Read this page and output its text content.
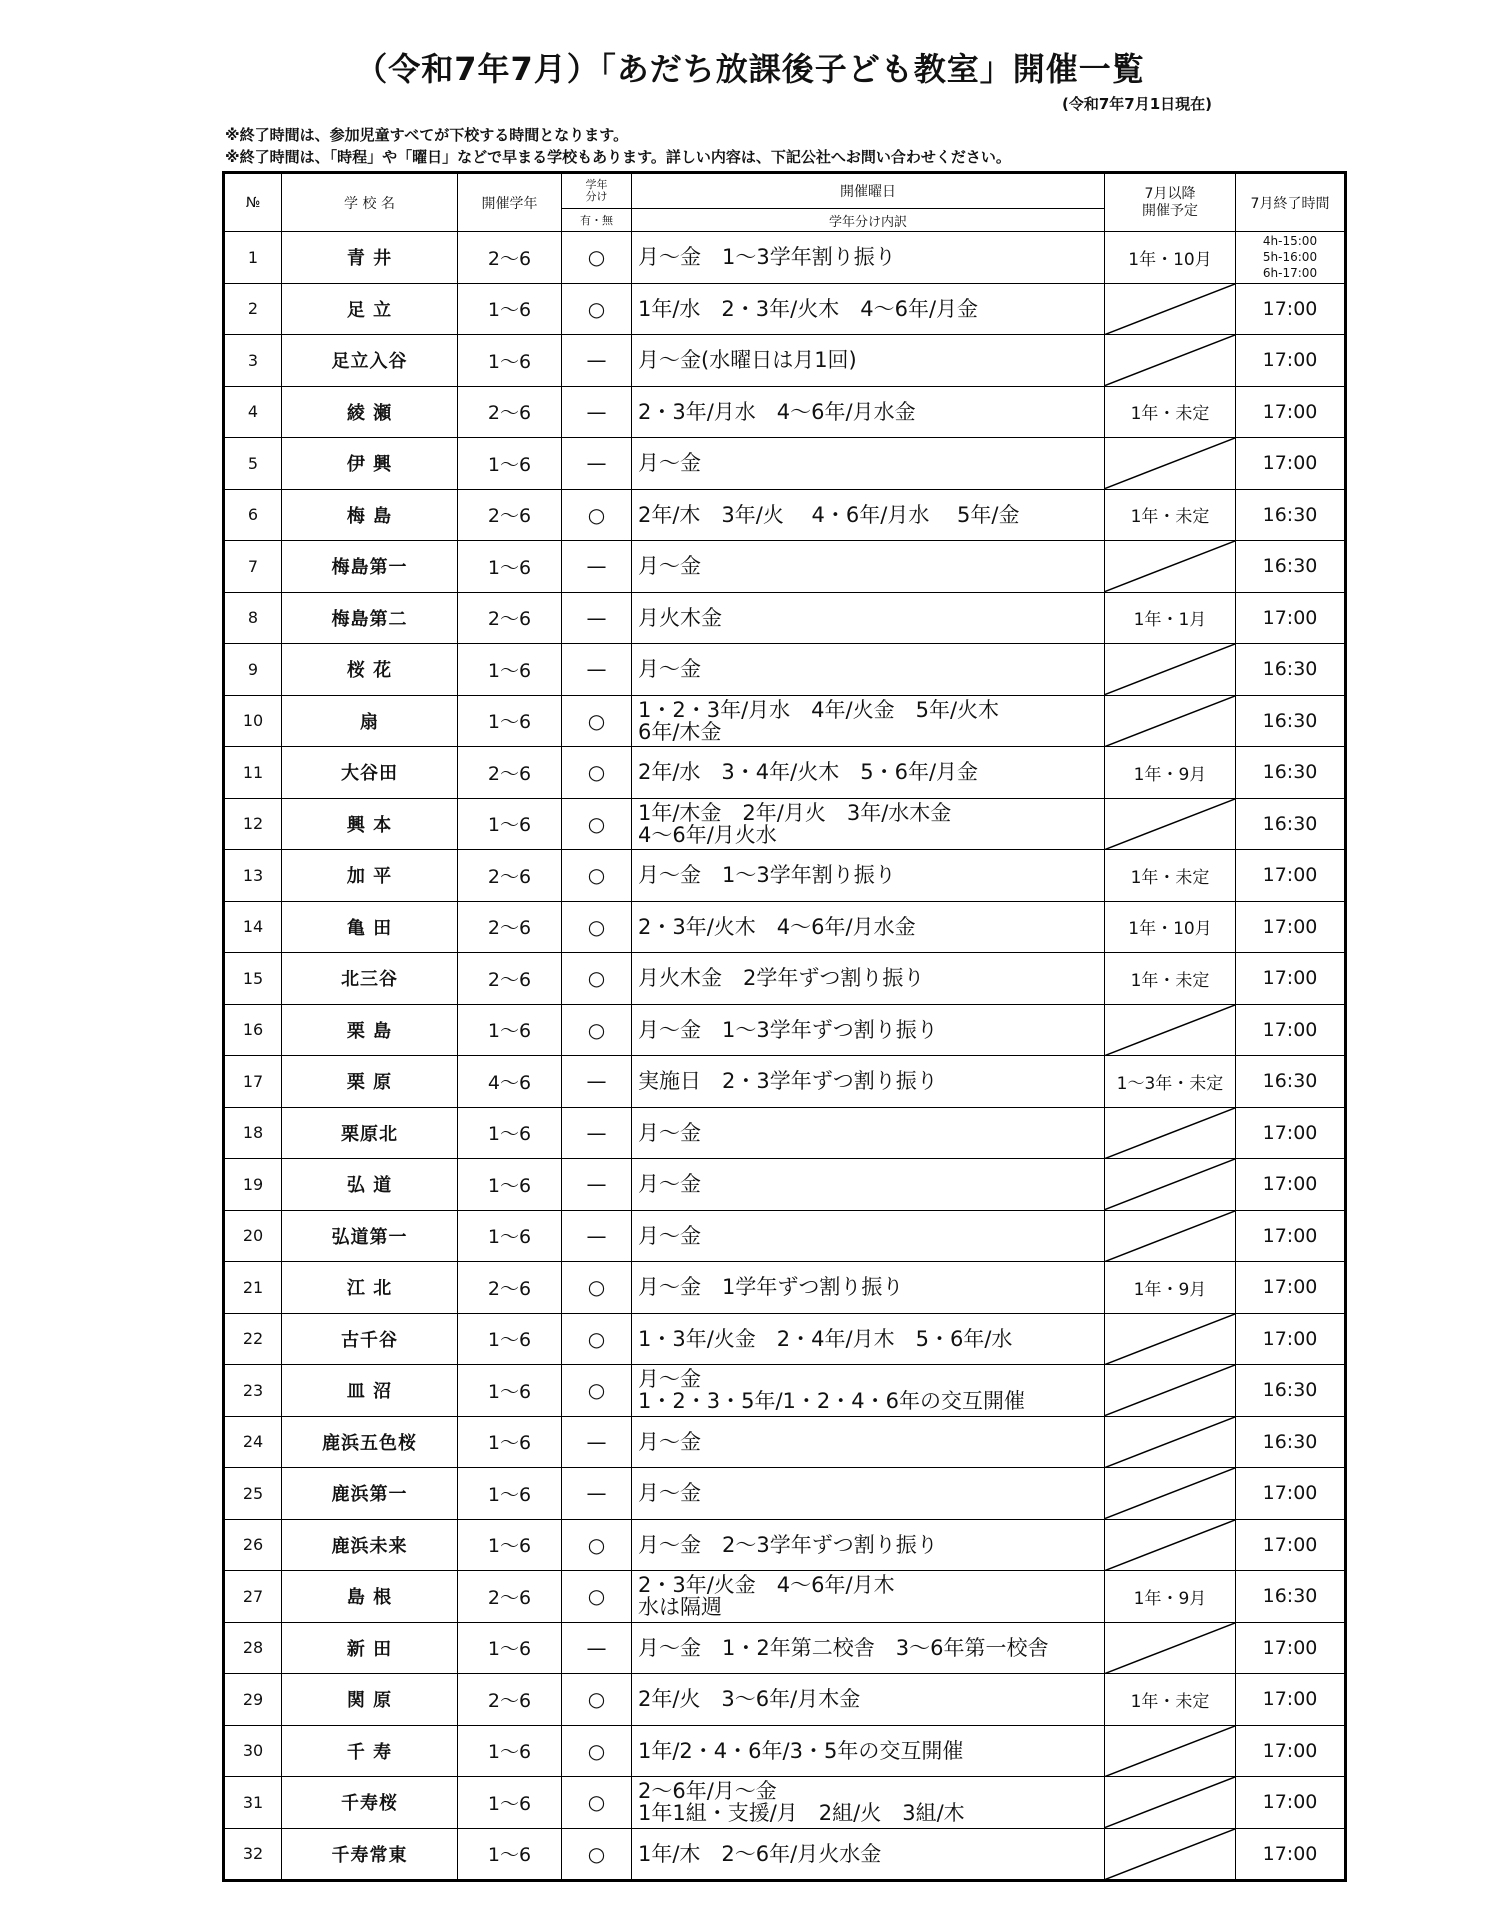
（令和7年7月）「あだち放課後子ども教室」開催一覧
(令和7年7月1日現在)
※終了時間は、参加児童すべてが下校する時間となります。
※終了時間は、「時程」や「曜日」などで早まる学校もあります。詳しい内容は、下記公社へお問い合わせください。
№	学 校 名	開催学年	学年
分け	開催曜日	7月以降
開催予定	7月終了時間
			有・無	学年分け内訳		
1	青 井	2～6	○	月～金　1～3学年割り振り	1年・10月	4h-15:00
5h-16:00
6h-17:00
2	足 立	1～6	○	1年/水　2・3年/火木　4～6年/月金		17:00
3	足立入谷	1～6	—	月～金(水曜日は月1回)		17:00
4	綾 瀬	2～6	—	2・3年/月水　4～6年/月水金	1年・未定	17:00
5	伊 興	1～6	—	月～金		17:00
6	梅 島	2～6	○	2年/木　3年/火　 4・6年/月水　 5年/金	1年・未定	16:30
7	梅島第一	1～6	—	月～金		16:30
8	梅島第二	2～6	—	月火木金	1年・1月	17:00
9	桜 花	1～6	—	月～金		16:30
10	扇	1～6	○	1・2・3年/月水　4年/火金　5年/火木
6年/木金		16:30
11	大谷田	2～6	○	2年/水　3・4年/火木　5・6年/月金	1年・9月	16:30
12	興 本	1～6	○	1年/木金　2年/月火　3年/水木金
4～6年/月火水		16:30
13	加 平	2～6	○	月～金　1～3学年割り振り	1年・未定	17:00
14	亀 田	2～6	○	2・3年/火木　4～6年/月水金	1年・10月	17:00
15	北三谷	2～6	○	月火木金　2学年ずつ割り振り	1年・未定	17:00
16	栗 島	1～6	○	月～金　1～3学年ずつ割り振り		17:00
17	栗 原	4～6	—	実施日　2・3学年ずつ割り振り	1～3年・未定	16:30
18	栗原北	1～6	—	月～金		17:00
19	弘 道	1～6	—	月～金		17:00
20	弘道第一	1～6	—	月～金		17:00
21	江 北	2～6	○	月～金　1学年ずつ割り振り	1年・9月	17:00
22	古千谷	1～6	○	1・3年/火金　2・4年/月木　5・6年/水		17:00
23	皿 沼	1～6	○	月～金
1・2・3・5年/1・2・4・6年の交互開催		16:30
24	鹿浜五色桜	1～6	—	月～金		16:30
25	鹿浜第一	1～6	—	月～金		17:00
26	鹿浜未来	1～6	○	月～金　2～3学年ずつ割り振り		17:00
27	島 根	2～6	○	2・3年/火金　4～6年/月木
水は隔週	1年・9月	16:30
28	新 田	1～6	—	月～金　1・2年第二校舎　3～6年第一校舎		17:00
29	関 原	2～6	○	2年/火　3～6年/月木金	1年・未定	17:00
30	千 寿	1～6	○	1年/2・4・6年/3・5年の交互開催		17:00
31	千寿桜	1～6	○	2～6年/月～金
1年1組・支援/月　2組/火　3組/木		17:00
32	千寿常東	1～6	○	1年/木　2～6年/月火水金		17:00
